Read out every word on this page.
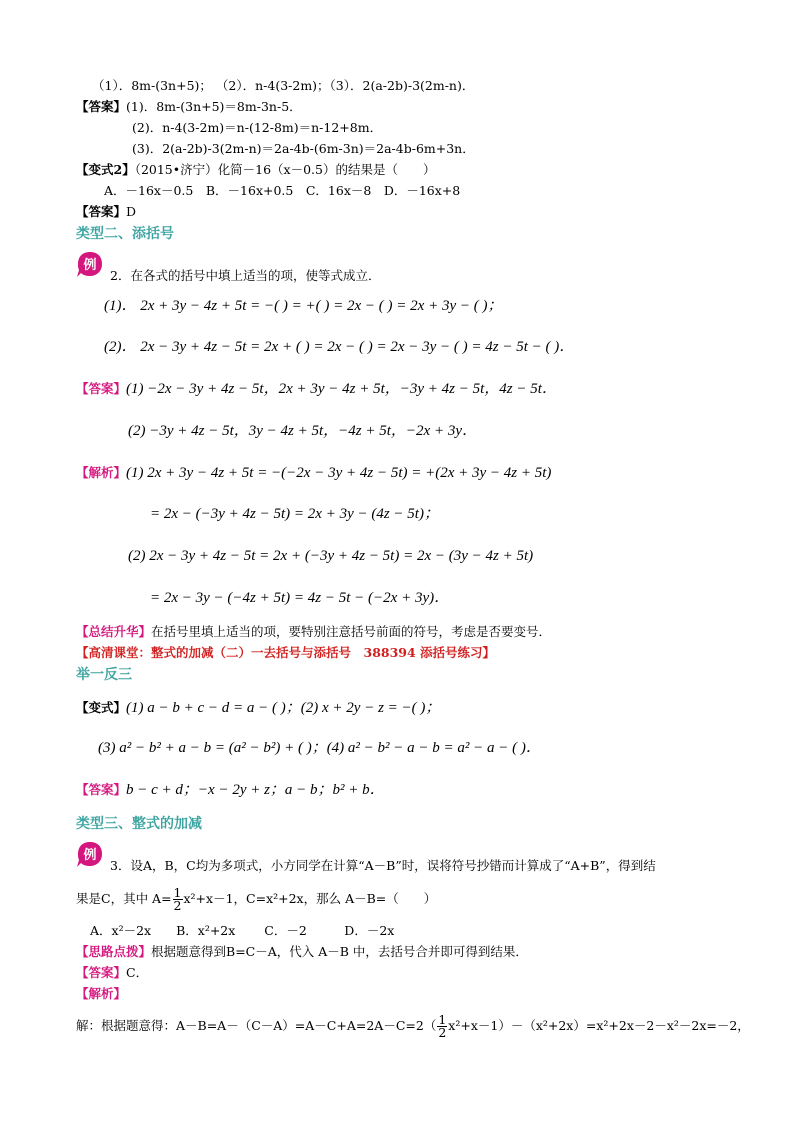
（1）．8m-(3n+5)； （2）．n-4(3-2m)；（3）．2(a-2b)-3(2m-n)．
【答案】(1)．8m-(3n+5)＝8m-3n-5．
(2)．n-4(3-2m)＝n-(12-8m)＝n-12+8m．
(3)．2(a-2b)-3(2m-n)＝2a-4b-(6m-3n)＝2a-4b-6m+3n．
【变式2】（2015•济宁）化简－16（x－0.5）的结果是（　　）
A．－16x－0.5　B．－16x+0.5　C．16x－8　D．－16x+8
【答案】D
类型二、添括号
例
2．在各式的括号中填上适当的项，使等式成立．
(1)． 2x + 3y − 4z + 5t = −( ) = +( ) = 2x − ( ) = 2x + 3y − ( )；
(2)． 2x − 3y + 4z − 5t = 2x + ( ) = 2x − ( ) = 2x − 3y − ( ) = 4z − 5t − ( )．
【答案】(1) −2x − 3y + 4z − 5t，2x + 3y − 4z + 5t，−3y + 4z − 5t，4z − 5t．
(2) −3y + 4z − 5t，3y − 4z + 5t，−4z + 5t，−2x + 3y．
【解析】(1) 2x + 3y − 4z + 5t = −(−2x − 3y + 4z − 5t) = +(2x + 3y − 4z + 5t)
= 2x − (−3y + 4z − 5t) = 2x + 3y − (4z − 5t)；
(2) 2x − 3y + 4z − 5t = 2x + (−3y + 4z − 5t) = 2x − (3y − 4z + 5t)
= 2x − 3y − (−4z + 5t) = 4z − 5t − (−2x + 3y)．
【总结升华】在括号里填上适当的项，要特别注意括号前面的符号，考虑是否要变号．
【高清课堂：整式的加减（二）一去括号与添括号　388394 添括号练习】
举一反三
【变式】(1) a − b + c − d = a − ( )；(2) x + 2y − z = −( )；
(3) a² − b² + a − b = (a² − b²) + ( )；(4) a² − b² − a − b = a² − a − ( )．
【答案】b − c + d；−x − 2y + z；a − b；b² + b．
类型三、整式的加减
例
3．设A，B，C均为多项式，小方同学在计算“A－B”时，误将符号抄错而计算成了“A+B”，得到结
果是C，其中 $A= \frac{1}{2} x^2+x-1$，C=x²+2x，那么 A－B=（　　）
A．x²－2x　　B．x²+2x　　 C．－2　　　D．－2x
【思路点拨】根据题意得到B=C－A，代入 A－B 中，去括号合并即可得到结果．
【答案】C．
【解析】
解：根据题意得：$A-B=A-(C-A)=A-C+A=2A-C=2( \frac{1}{2} x^2+x-1)-(x^2+2x)=x^2+2x-2-x^2-2x=-2$，
